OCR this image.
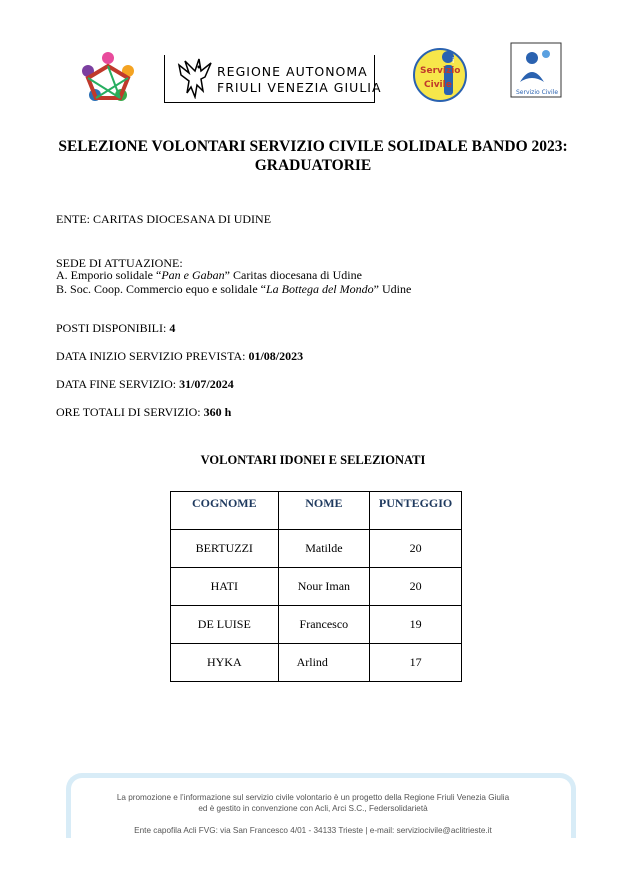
REGIONE AUTONOMA
FRIULI VENEZIA GIULIA
Servizio
Civile
i
Servizio Civile
SELEZIONE VOLONTARI SERVIZIO CIVILE SOLIDALE BANDO 2023:
GRADUATORIE
ENTE: CARITAS DIOCESANA DI UDINE
SEDE DI ATTUAZIONE:
A. Emporio solidale “Pan e Gaban” Caritas diocesana di Udine
B. Soc. Coop. Commercio equo e solidale “La Bottega del Mondo” Udine
POSTI DISPONIBILI: 4
DATA INIZIO SERVIZIO PREVISTA: 01/08/2023
DATA FINE SERVIZIO: 31/07/2024
ORE TOTALI DI SERVIZIO: 360 h
VOLONTARI IDONEI E SELEZIONATI
COGNOME	NOME	PUNTEGGIO
BERTUZZI	Matilde	20
HATI	Nour Iman	20
DE LUISE	Francesco	19
HYKA	Arlind	17
La promozione e l’informazione sul servizio civile volontario è un progetto della Regione Friuli Venezia Giulia
ed è gestito in convenzione con Acli, Arci S.C., Federsolidarietà
Ente capofila Acli FVG: via San Francesco 4/01 - 34133 Trieste | e-mail: serviziocivile@aclitrieste.it
